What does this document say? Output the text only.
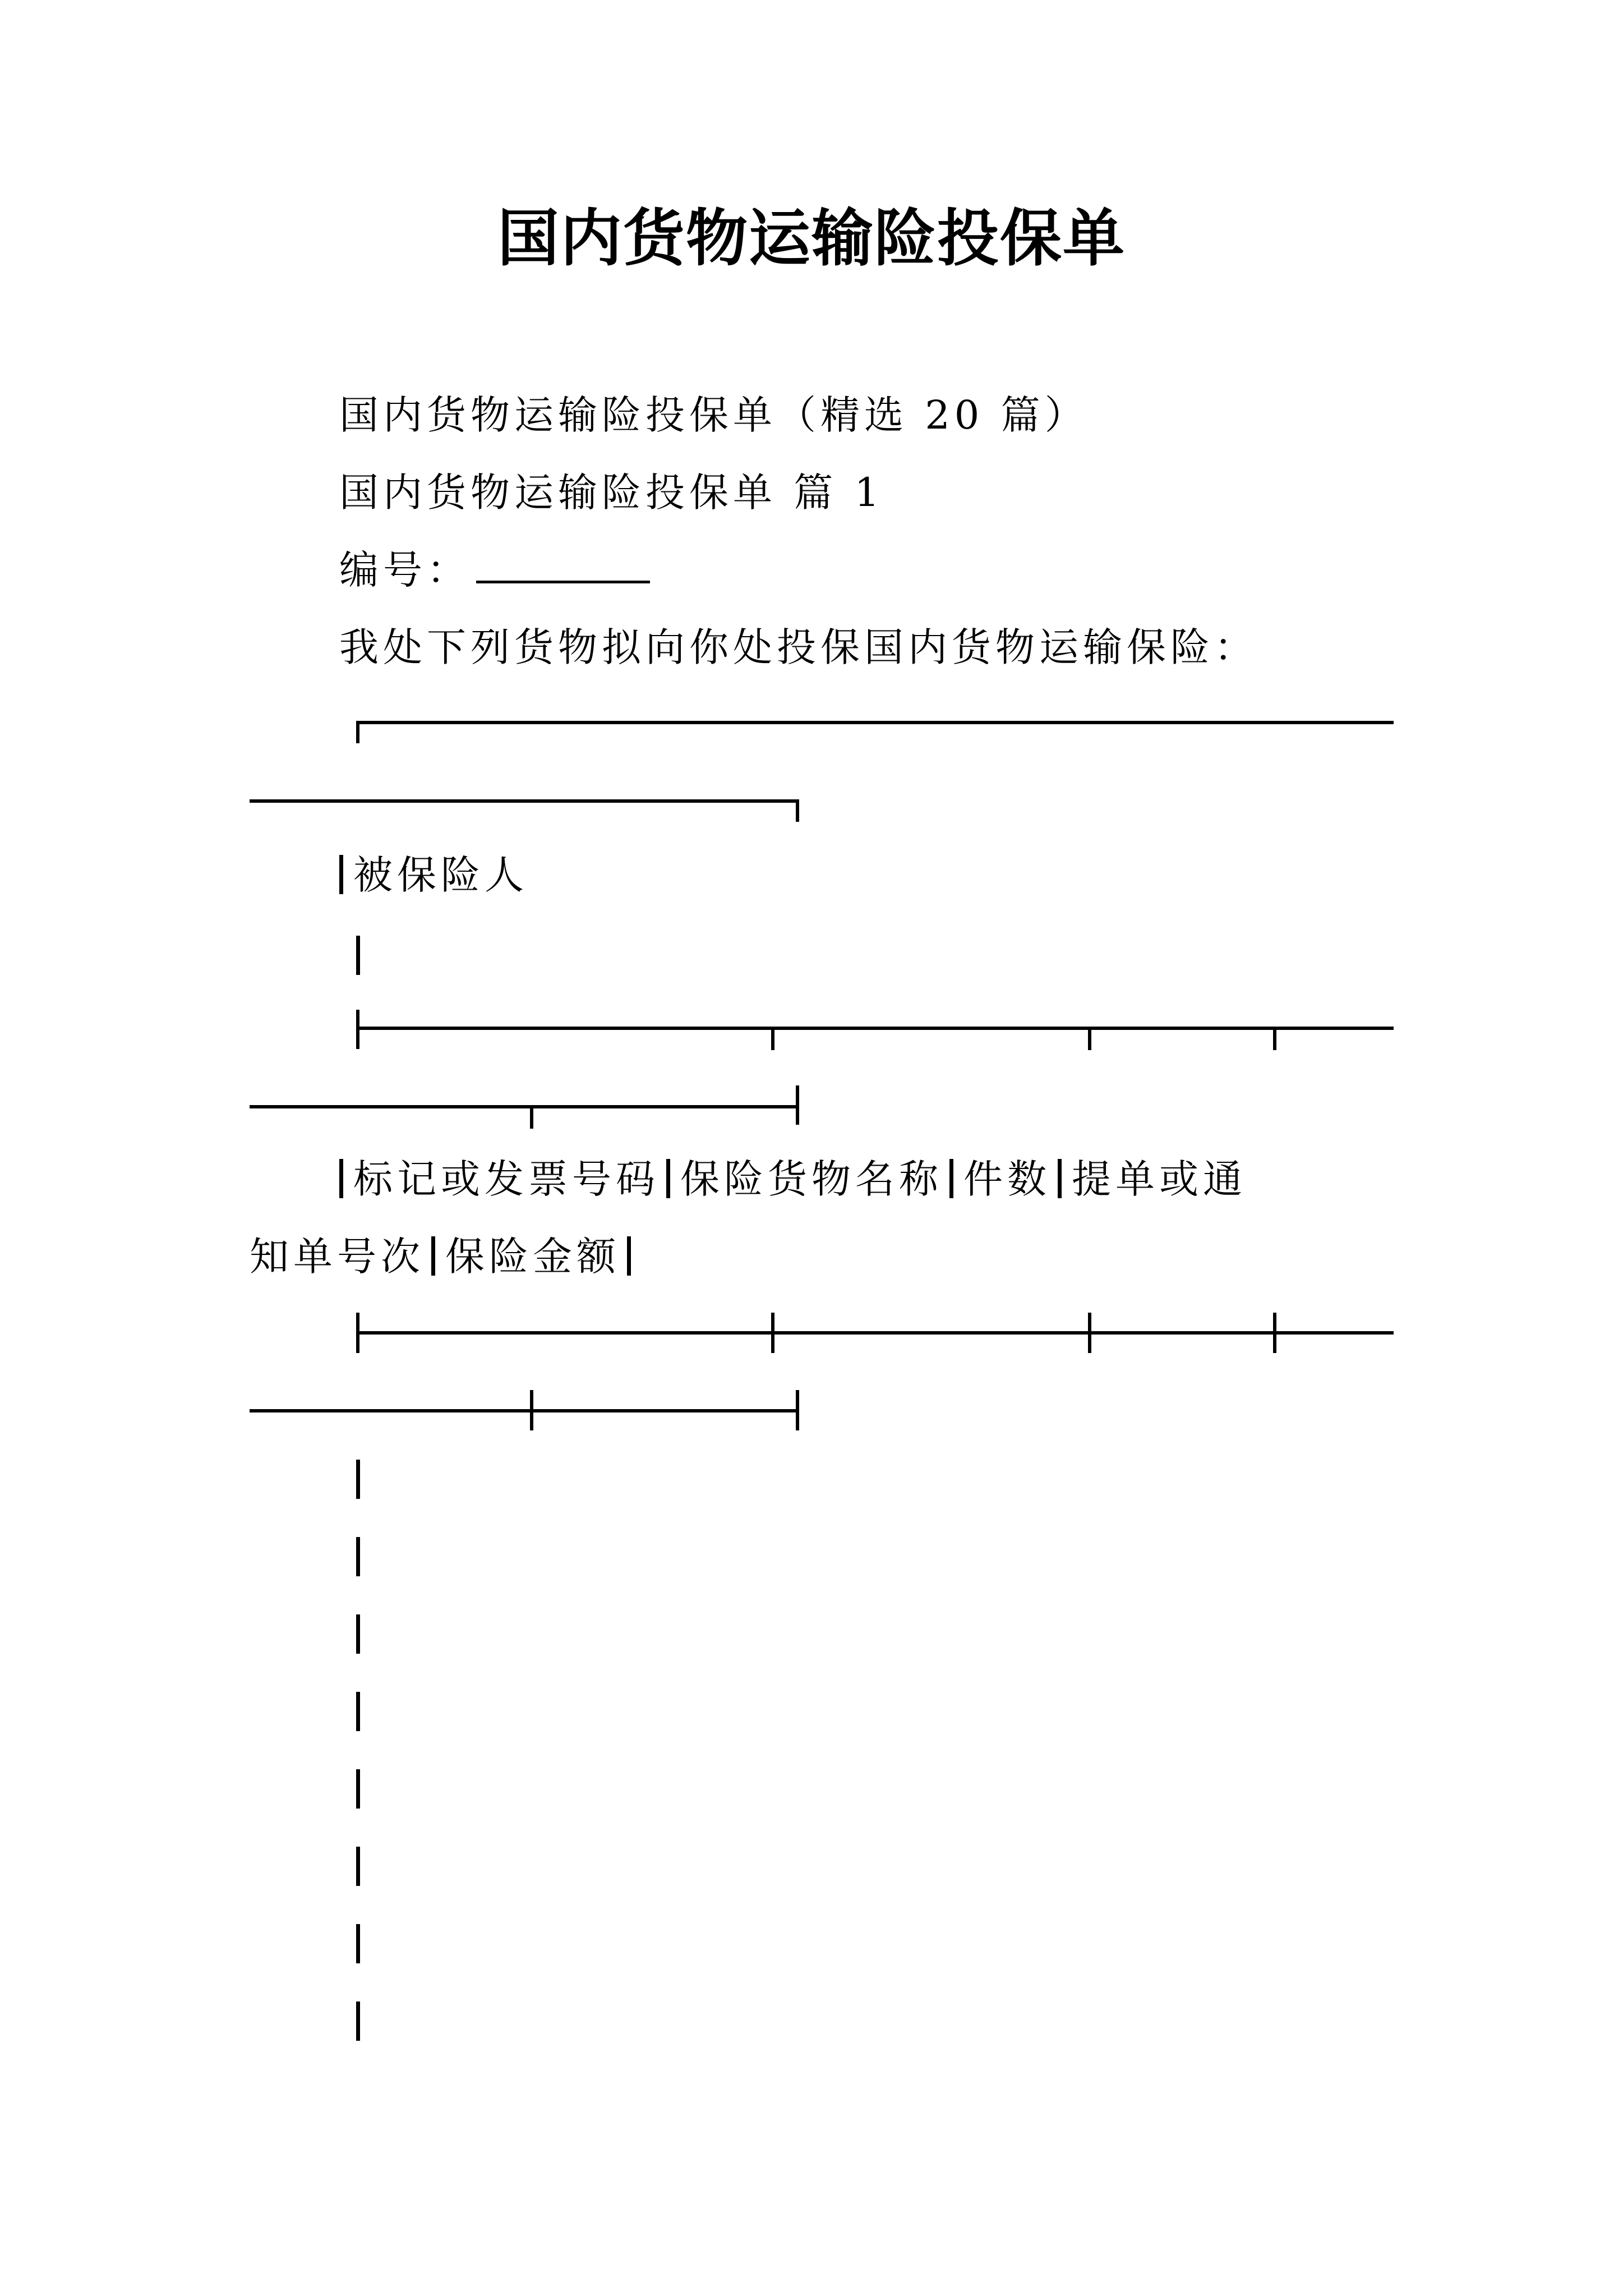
国内货物运输险投保单
国内货物运输险投保单（精选 20 篇）
国内货物运输险投保单 篇 1
编号：
我处下列货物拟向你处投保国内货物运输保险：
被保险人
标记或发票号码 保险货物名称 件数 提单或通
知单号次 保险金额
